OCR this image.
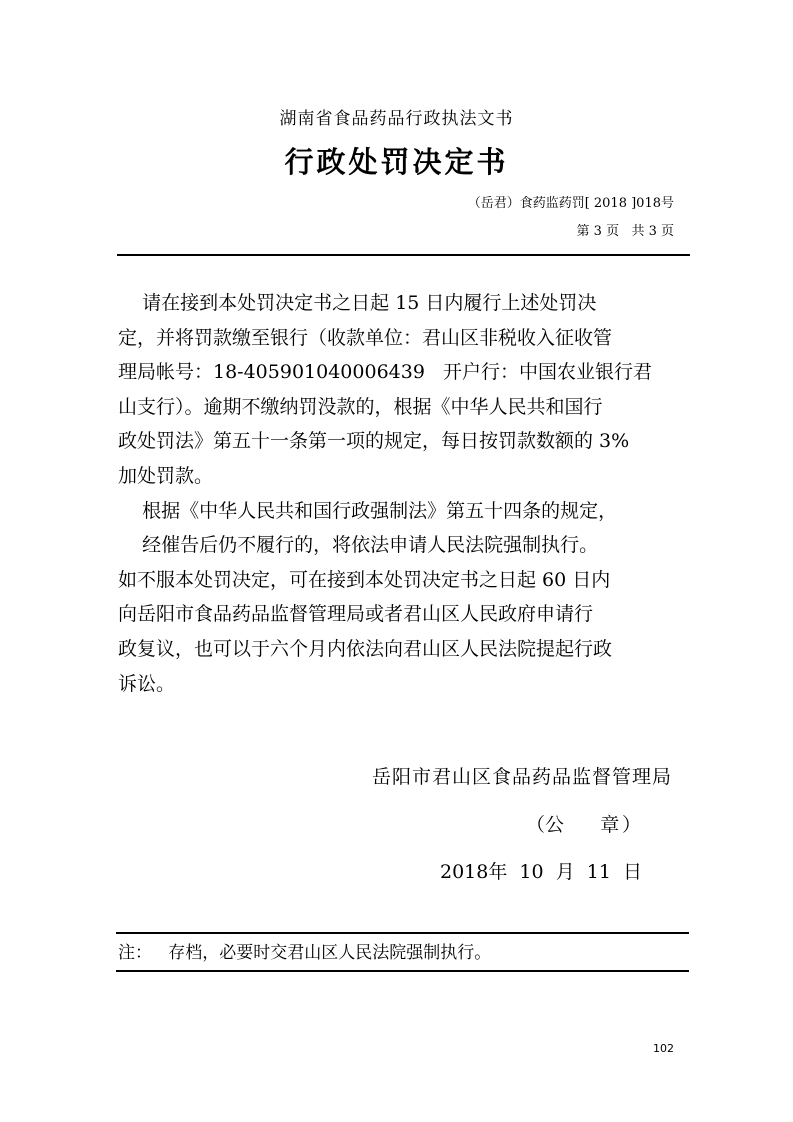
湖南省食品药品行政执法文书
行政处罚决定书
（岳君）食药监药罚[ 2018 ]018号
第 3 页   共 3 页

请在接到本处罚决定书之日起 15 日内履行上述处罚决

定，并将罚款缴至银行（收款单位：君山区非税收入征收管

理局帐号：18-405901040006439   开户行：中国农业银行君

山支行）。逾期不缴纳罚没款的，根据《中华人民共和国行

政处罚法》第五十一条第一项的规定，每日按罚款数额的 3%

加处罚款。

根据《中华人民共和国行政强制法》第五十四条的规定，

经催告后仍不履行的，将依法申请人民法院强制执行。

如不服本处罚决定，可在接到本处罚决定书之日起 60 日内

向岳阳市食品药品监督管理局或者君山区人民政府申请行

政复议，也可以于六个月内依法向君山区人民法院提起行政

诉讼。

岳阳市君山区食品药品监督管理局
（公 章 ）
2018年  10  月  11  日
注：   存档，必要时交君山区人民法院强制执行。
102
